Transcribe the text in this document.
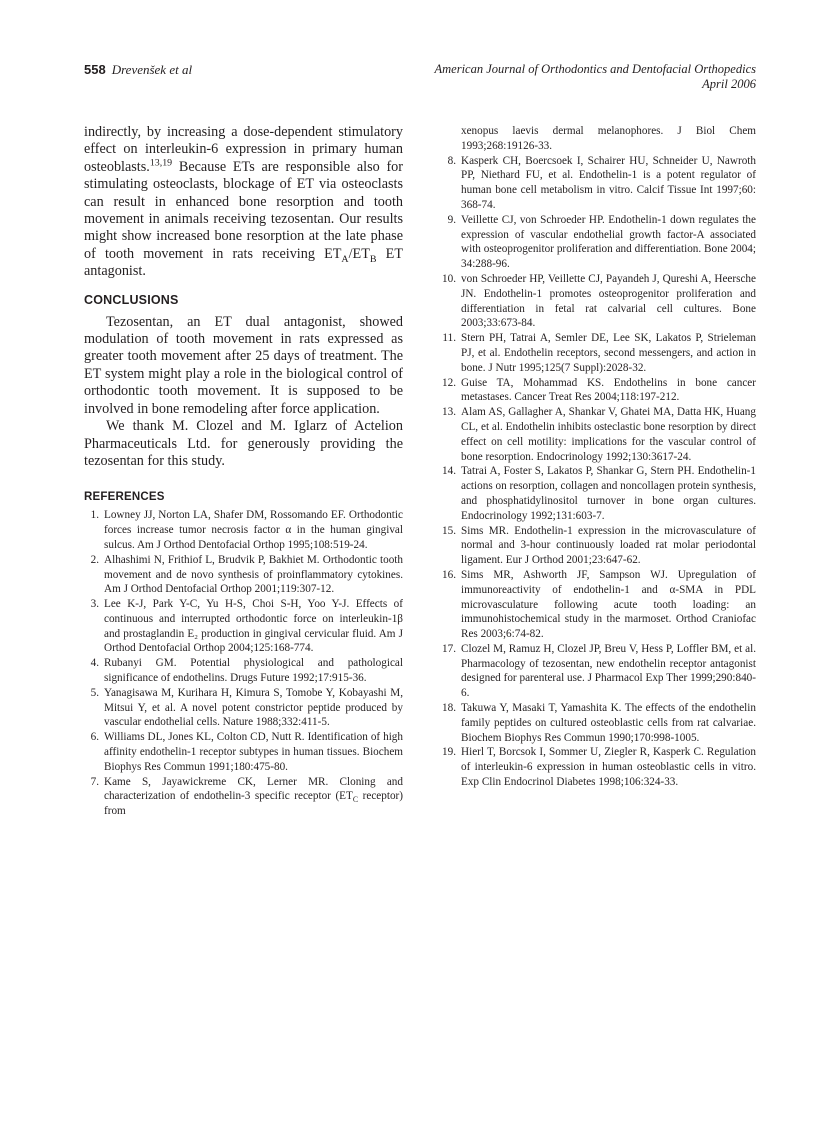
558 Drevenšek et al	American Journal of Orthodontics and Dentofacial Orthopedics
April 2006

indirectly, by increasing a dose-dependent stimulatory effect on interleukin-6 expression in primary human osteoblasts.$^{13,19}$ Because ETs are responsible also for stimulating osteoclasts, blockage of ET via osteoclasts can result in enhanced bone resorption and tooth movement in animals receiving tezosentan. Our results might show increased bone resorption at the late phase of tooth movement in rats receiving $ET_A/ET_B$ ET antagonist.

CONCLUSIONS

Tezosentan, an ET dual antagonist, showed modulation of tooth movement in rats expressed as greater tooth movement after 25 days of treatment. The ET system might play a role in the biological control of orthodontic tooth movement. It is supposed to be involved in bone remodeling after force application.

We thank M. Clozel and M. Iglarz of Actelion Pharmaceuticals Ltd. for generously providing the tezosentan for this study.

REFERENCES
1. Lowney JJ, Norton LA, Shafer DM, Rossomando EF. Orthodontic forces increase tumor necrosis factor α in the human gingival sulcus. Am J Orthod Dentofacial Orthop 1995;108:519-24.
2. Alhashimi N, Frithiof L, Brudvik P, Bakhiet M. Orthodontic tooth movement and de novo synthesis of proinflammatory cytokines. Am J Orthod Dentofacial Orthop 2001;119:307-12.
3. Lee K-J, Park Y-C, Yu H-S, Choi S-H, Yoo Y-J. Effects of continuous and interrupted orthodontic force on interleukin-1β and prostaglandin E₂ production in gingival cervicular fluid. Am J Orthod Dentofacial Orthop 2004;125:168-774.
4. Rubanyi GM. Potential physiological and pathological significance of endothelins. Drugs Future 1992;17:915-36.
5. Yanagisawa M, Kurihara H, Kimura S, Tomobe Y, Kobayashi M, Mitsui Y, et al. A novel potent constrictor peptide produced by vascular endothelial cells. Nature 1988;332:411-5.
6. Williams DL, Jones KL, Colton CD, Nutt R. Identification of high affinity endothelin-1 receptor subtypes in human tissues. Biochem Biophys Res Commun 1991;180:475-80.
7. Kame S, Jayawickreme CK, Lerner MR. Cloning and characterization of endothelin-3 specific receptor ($ET_C$ receptor) from
xenopus laevis dermal melanophores. J Biol Chem 1993;268:19126-33.
8. Kasperk CH, Boercsoek I, Schairer HU, Schneider U, Nawroth PP, Niethard FU, et al. Endothelin-1 is a potent regulator of human bone cell metabolism in vitro. Calcif Tissue Int 1997;60: 368-74.
9. Veillette CJ, von Schroeder HP. Endothelin-1 down regulates the expression of vascular endothelial growth factor-A associated with osteoprogenitor proliferation and differentiation. Bone 2004; 34:288-96.
10. von Schroeder HP, Veillette CJ, Payandeh J, Qureshi A, Heersche JN. Endothelin-1 promotes osteoprogenitor proliferation and differentiation in fetal rat calvarial cell cultures. Bone 2003;33:673-84.
11. Stern PH, Tatrai A, Semler DE, Lee SK, Lakatos P, Strieleman PJ, et al. Endothelin receptors, second messengers, and action in bone. J Nutr 1995;125(7 Suppl):2028-32.
12. Guise TA, Mohammad KS. Endothelins in bone cancer metastases. Cancer Treat Res 2004;118:197-212.
13. Alam AS, Gallagher A, Shankar V, Ghatei MA, Datta HK, Huang CL, et al. Endothelin inhibits osteclastic bone resorption by direct effect on cell motility: implications for the vascular control of bone resorption. Endocrinology 1992;130:3617-24.
14. Tatrai A, Foster S, Lakatos P, Shankar G, Stern PH. Endothelin-1 actions on resorption, collagen and noncollagen protein synthesis, and phosphatidylinositol turnover in bone organ cultures. Endocrinology 1992;131:603-7.
15. Sims MR. Endothelin-1 expression in the microvasculature of normal and 3-hour continuously loaded rat molar periodontal ligament. Eur J Orthod 2001;23:647-62.
16. Sims MR, Ashworth JF, Sampson WJ. Upregulation of immunoreactivity of endothelin-1 and α-SMA in PDL microvasculature following acute tooth loading: an immunohistochemical study in the marmoset. Orthod Craniofac Res 2003;6:74-82.
17. Clozel M, Ramuz H, Clozel JP, Breu V, Hess P, Loffler BM, et al. Pharmacology of tezosentan, new endothelin receptor antagonist designed for parenteral use. J Pharmacol Exp Ther 1999;290:840-6.
18. Takuwa Y, Masaki T, Yamashita K. The effects of the endothelin family peptides on cultured osteoblastic cells from rat calvariae. Biochem Biophys Res Commun 1990;170:998-1005.
19. Hierl T, Borcsok I, Sommer U, Ziegler R, Kasperk C. Regulation of interleukin-6 expression in human osteoblastic cells in vitro. Exp Clin Endocrinol Diabetes 1998;106:324-33.
